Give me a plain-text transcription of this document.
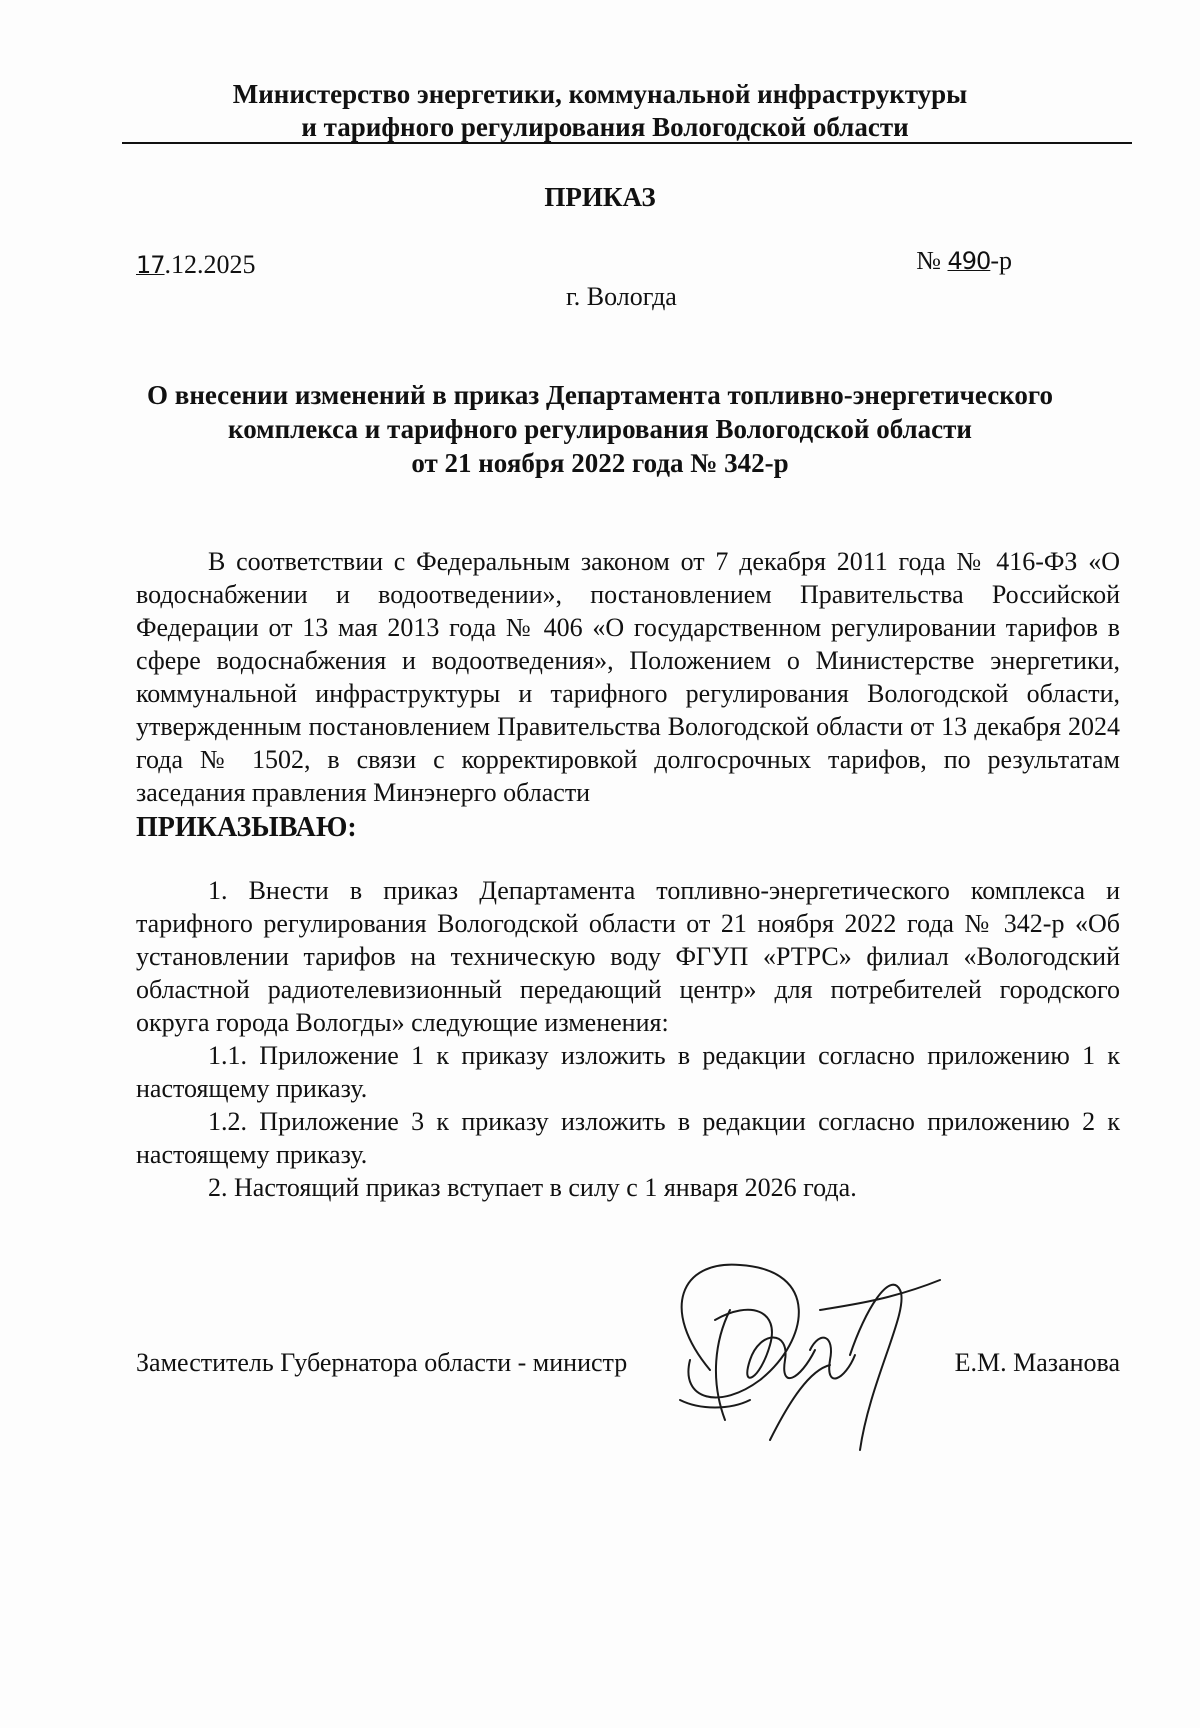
Министерство энергетики, коммунальной инфраструктуры
и тарифного регулирования Вологодской области
ПРИКАЗ
17.12.2025	№ 490-р
г. Вологда
О внесении изменений в приказ Департамента топливно-энергетического
комплекса и тарифного регулирования Вологодской области
от 21 ноября 2022 года № 342-р

В соответствии с Федеральным законом от 7 декабря 2011 года № 416-ФЗ «О водоснабжении и водоотведении», постановлением Правительства Российской Федерации от 13 мая 2013 года № 406 «О государственном регулировании тарифов в сфере водоснабжения и водоотведения», Положением о Министерстве энергетики, коммунальной инфраструктуры и тарифного регулирования Вологодской области, утвержденным постановлением Правительства Вологодской области от 13 декабря 2024 года № 1502, в связи с корректировкой долгосрочных тарифов, по результатам заседания правления Минэнерго области

ПРИКАЗЫВАЮ:

1. Внести в приказ Департамента топливно-энергетического комплекса и тарифного регулирования Вологодской области от 21 ноября 2022 года № 342-р «Об установлении тарифов на техническую воду ФГУП «РТРС» филиал «Вологодский областной радиотелевизионный передающий центр» для потребителей городского округа города Вологды» следующие изменения:

1.1. Приложение 1 к приказу изложить в редакции согласно приложению 1 к настоящему приказу.

1.2. Приложение 3 к приказу изложить в редакции согласно приложению 2 к настоящему приказу.

2. Настоящий приказ вступает в силу с 1 января 2026 года.

Заместитель Губернатора области - министр	Е.М. Мазанова
